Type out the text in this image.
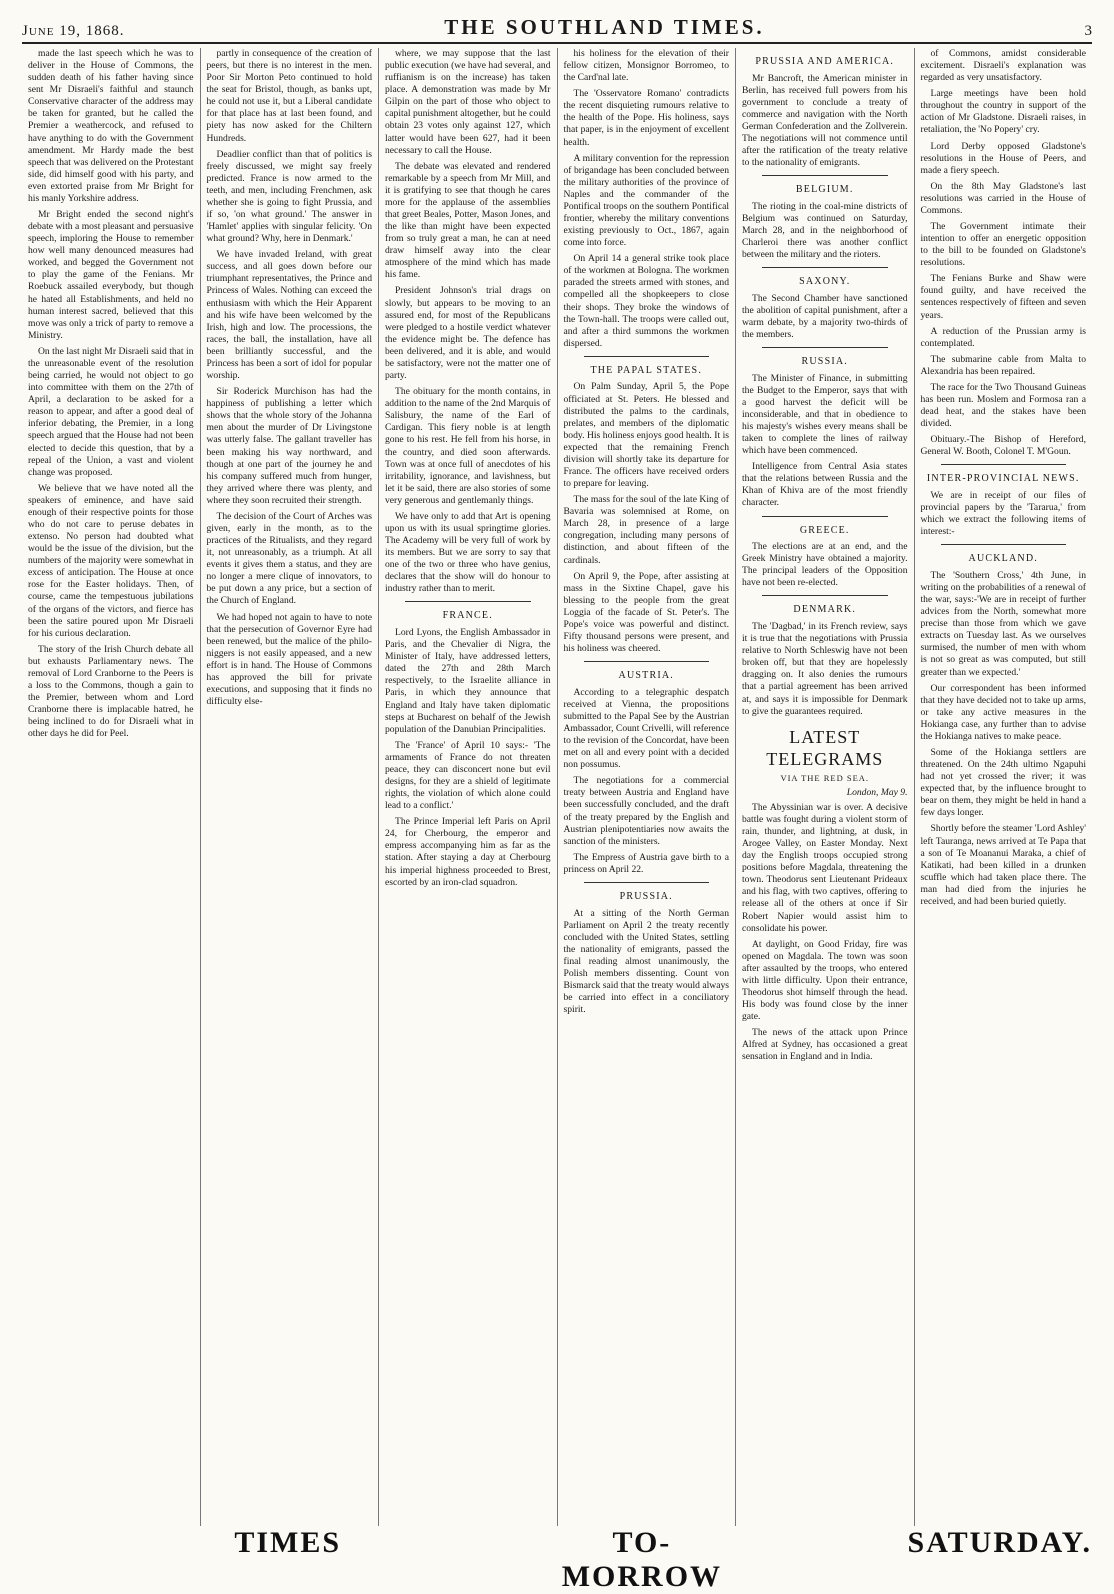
June 19, 1868.	THE SOUTHLAND TIMES.	3

made the last speech which he was to deliver in the House of Commons, the sudden death of his father having since sent Mr Disraeli's faithful and staunch Conservative character of the address may be taken for granted, but he called the Premier a weathercock, and refused to have anything to do with the Government amendment. Mr Hardy made the best speech that was delivered on the Protestant side, did himself good with his party, and even extorted praise from Mr Bright for his manly Yorkshire address.

Mr Bright ended the second night's debate with a most pleasant and persuasive speech, imploring the House to remember how well many denounced measures had worked, and begged the Government not to play the game of the Fenians. Mr Roebuck assailed everybody, but though he hated all Establishments, and held no human interest sacred, believed that this move was only a trick of party to remove a Ministry.

On the last night Mr Disraeli said that in the unreasonable event of the resolution being carried, he would not object to go into committee with them on the 27th of April, a declaration to be asked for a reason to appear, and after a good deal of inferior debating, the Premier, in a long speech argued that the House had not been elected to decide this question, that by a repeal of the Union, a vast and violent change was proposed.

We believe that we have noted all the speakers of eminence, and have said enough of their respective points for those who do not care to peruse debates in extenso. No person had doubted what would be the issue of the division, but the numbers of the majority were somewhat in excess of anticipation. The House at once rose for the Easter holidays. Then, of course, came the tempestuous jubilations of the organs of the victors, and fierce has been the satire poured upon Mr Disraeli for his curious declaration.

The story of the Irish Church debate all but exhausts Parliamentary news. The removal of Lord Cranborne to the Peers is a loss to the Commons, though a gain to the Premier, between whom and Lord Cranborne there is implacable hatred, he being inclined to do for Disraeli what in other days he did for Peel.

partly in consequence of the creation of peers, but there is no interest in the men. Poor Sir Morton Peto continued to hold the seat for Bristol, though, as banks upt, he could not use it, but a Liberal candidate for that place has at last been found, and piety has now asked for the Chiltern Hundreds.

Deadlier conflict than that of politics is freely discussed, we might say freely predicted. France is now armed to the teeth, and men, including Frenchmen, ask whether she is going to fight Prussia, and if so, 'on what ground.' The answer in 'Hamlet' applies with singular felicity. 'On what ground? Why, here in Denmark.'

We have invaded Ireland, with great success, and all goes down before our triumphant representatives, the Prince and Princess of Wales. Nothing can exceed the enthusiasm with which the Heir Apparent and his wife have been welcomed by the Irish, high and low. The processions, the races, the ball, the installation, have all been brilliantly successful, and the Princess has been a sort of idol for popular worship.

Sir Roderick Murchison has had the happiness of publishing a letter which shows that the whole story of the Johanna men about the murder of Dr Livingstone was utterly false. The gallant traveller has been making his way northward, and though at one part of the journey he and his company suffered much from hunger, they arrived where there was plenty, and where they soon recruited their strength.

The decision of the Court of Arches was given, early in the month, as to the practices of the Ritualists, and they regard it, not unreasonably, as a triumph. At all events it gives them a status, and they are no longer a mere clique of innovators, to be put down a any price, but a section of the Church of England.

We had hoped not again to have to note that the persecution of Governor Eyre had been renewed, but the malice of the philo-niggers is not easily appeased, and a new effort is in hand. The House of Commons has approved the bill for private executions, and supposing that it finds no difficulty else-

where, we may suppose that the last public execution (we have had several, and ruffianism is on the increase) has taken place. A demonstration was made by Mr Gilpin on the part of those who object to capital punishment altogether, but he could obtain 23 votes only against 127, which latter would have been 627, had it been necessary to call the House.

The debate was elevated and rendered remarkable by a speech from Mr Mill, and it is gratifying to see that though he cares more for the applause of the assemblies that greet Beales, Potter, Mason Jones, and the like than might have been expected from so truly great a man, he can at need draw himself away into the clear atmosphere of the mind which has made his fame.

President Johnson's trial drags on slowly, but appears to be moving to an assured end, for most of the Republicans were pledged to a hostile verdict whatever the evidence might be. The defence has been delivered, and it is able, and would be satisfactory, were not the matter one of party.

The obituary for the month contains, in addition to the name of the 2nd Marquis of Salisbury, the name of the Earl of Cardigan. This fiery noble is at length gone to his rest. He fell from his horse, in the country, and died soon afterwards. Town was at once full of anecdotes of his irritability, ignorance, and lavishness, but let it be said, there are also stories of some very generous and gentlemanly things.

We have only to add that Art is opening upon us with its usual springtime glories. The Academy will be very full of work by its members. But we are sorry to say that one of the two or three who have genius, declares that the show will do honour to industry rather than to merit.

FRANCE.

Lord Lyons, the English Ambassador in Paris, and the Chevalier di Nigra, the Minister of Italy, have addressed letters, dated the 27th and 28th March respectively, to the Israelite alliance in Paris, in which they announce that England and Italy have taken diplomatic steps at Bucharest on behalf of the Jewish population of the Danubian Principalities.

The 'France' of April 10 says:- 'The armaments of France do not threaten peace, they can disconcert none but evil designs, for they are a shield of legitimate rights, the violation of which alone could lead to a conflict.'

The Prince Imperial left Paris on April 24, for Cherbourg, the emperor and empress accompanying him as far as the station. After staying a day at Cherbourg his imperial highness proceeded to Brest, escorted by an iron-clad squadron.

his holiness for the elevation of their fellow citizen, Monsignor Borromeo, to the Card'nal late.

The 'Osservatore Romano' contradicts the recent disquieting rumours relative to the health of the Pope. His holiness, says that paper, is in the enjoyment of excellent health.

A military convention for the repression of brigandage has been concluded between the military authorities of the province of Naples and the commander of the Pontifical troops on the southern Pontifical frontier, whereby the military conventions existing previously to Oct., 1867, again come into force.

On April 14 a general strike took place of the workmen at Bologna. The workmen paraded the streets armed with stones, and compelled all the shopkeepers to close their shops. They broke the windows of the Town-hall. The troops were called out, and after a third summons the workmen dispersed.

THE PAPAL STATES.

On Palm Sunday, April 5, the Pope officiated at St. Peters. He blessed and distributed the palms to the cardinals, prelates, and members of the diplomatic body. His holiness enjoys good health. It is expected that the remaining French division will shortly take its departure for France. The officers have received orders to prepare for leaving.

The mass for the soul of the late King of Bavaria was solemnised at Rome, on March 28, in presence of a large congregation, including many persons of distinction, and about fifteen of the cardinals.

On April 9, the Pope, after assisting at mass in the Sixtine Chapel, gave his blessing to the people from the great Loggia of the facade of St. Peter's. The Pope's voice was powerful and distinct. Fifty thousand persons were present, and his holiness was cheered.

AUSTRIA.

According to a telegraphic despatch received at Vienna, the propositions submitted to the Papal See by the Austrian Ambassador, Count Crivelli, will reference to the revision of the Concordat, have been met on all and every point with a decided non possumus.

The negotiations for a commercial treaty between Austria and England have been successfully concluded, and the draft of the treaty prepared by the English and Austrian plenipotentiaries now awaits the sanction of the ministers.

The Empress of Austria gave birth to a princess on April 22.

PRUSSIA.

At a sitting of the North German Parliament on April 2 the treaty recently concluded with the United States, settling the nationality of emigrants, passed the final reading almost unanimously, the Polish members dissenting. Count von Bismarck said that the treaty would always be carried into effect in a conciliatory spirit.

PRUSSIA AND AMERICA.

Mr Bancroft, the American minister in Berlin, has received full powers from his government to conclude a treaty of commerce and navigation with the North German Confederation and the Zollverein. The negotiations will not commence until after the ratification of the treaty relative to the nationality of emigrants.

BELGIUM.

The rioting in the coal-mine districts of Belgium was continued on Saturday, March 28, and in the neighborhood of Charleroi there was another conflict between the military and the rioters.

SAXONY.

The Second Chamber have sanctioned the abolition of capital punishment, after a warm debate, by a majority two-thirds of the members.

RUSSIA.

The Minister of Finance, in submitting the Budget to the Emperor, says that with a good harvest the deficit will be inconsiderable, and that in obedience to his majesty's wishes every means shall be taken to complete the lines of railway which have been commenced.

Intelligence from Central Asia states that the relations between Russia and the Khan of Khiva are of the most friendly character.

GREECE.

The elections are at an end, and the Greek Ministry have obtained a majority. The principal leaders of the Opposition have not been re-elected.

DENMARK.

The 'Dagbad,' in its French review, says it is true that the negotiations with Prussia relative to North Schleswig have not been broken off, but that they are hopelessly dragging on. It also denies the rumours that a partial agreement has been arrived at, and says it is impossible for Denmark to give the guarantees required.

LATEST TELEGRAMS
VIA THE RED SEA.
London, May 9.

The Abyssinian war is over. A decisive battle was fought during a violent storm of rain, thunder, and lightning, at dusk, in Arogee Valley, on Easter Monday. Next day the English troops occupied strong positions before Magdala, threatening the town. Theodorus sent Lieutenant Prideaux and his flag, with two captives, offering to release all of the others at once if Sir Robert Napier would assist him to consolidate his power.

At daylight, on Good Friday, fire was opened on Magdala. The town was soon after assaulted by the troops, who entered with little difficulty. Upon their entrance, Theodorus shot himself through the head. His body was found close by the inner gate.

The news of the attack upon Prince Alfred at Sydney, has occasioned a great sensation in England and in India.

of Commons, amidst considerable excitement. Disraeli's explanation was regarded as very unsatisfactory.

Large meetings have been hold throughout the country in support of the action of Mr Gladstone. Disraeli raises, in retaliation, the 'No Popery' cry.

Lord Derby opposed Gladstone's resolutions in the House of Peers, and made a fiery speech.

On the 8th May Gladstone's last resolutions was carried in the House of Commons.

The Government intimate their intention to offer an energetic opposition to the bill to be founded on Gladstone's resolutions.

The Fenians Burke and Shaw were found guilty, and have received the sentences respectively of fifteen and seven years.

A reduction of the Prussian army is contemplated.

The submarine cable from Malta to Alexandria has been repaired.

The race for the Two Thousand Guineas has been run. Moslem and Formosa ran a dead heat, and the stakes have been divided.

Obituary.-The Bishop of Hereford, General W. Booth, Colonel T. M'Goun.

INTER-PROVINCIAL NEWS.

We are in receipt of our files of provincial papers by the 'Tararua,' from which we extract the following items of interest:-

AUCKLAND.

The 'Southern Cross,' 4th June, in writing on the probabilities of a renewal of the war, says:-'We are in receipt of further advices from the North, somewhat more precise than those from which we gave extracts on Tuesday last. As we ourselves surmised, the number of men with whom is not so great as was computed, but still greater than we expected.'

Our correspondent has been informed that they have decided not to take up arms, or take any active measures in the Hokianga case, any further than to advise the Hokianga natives to make peace.

Some of the Hokianga settlers are threatened. On the 24th ultimo Ngapuhi had not yet crossed the river; it was expected that, by the influence brought to bear on them, they might be held in hand a few days longer.

Shortly before the steamer 'Lord Ashley' left Tauranga, news arrived at Te Papa that a son of Te Moananui Maraka, a chief of Katikati, had been killed in a drunken scuffle which had taken place there. The man had died from the injuries he received, and had been buried quietly.

TIMES	TO-MORROW
SATURDAY.
